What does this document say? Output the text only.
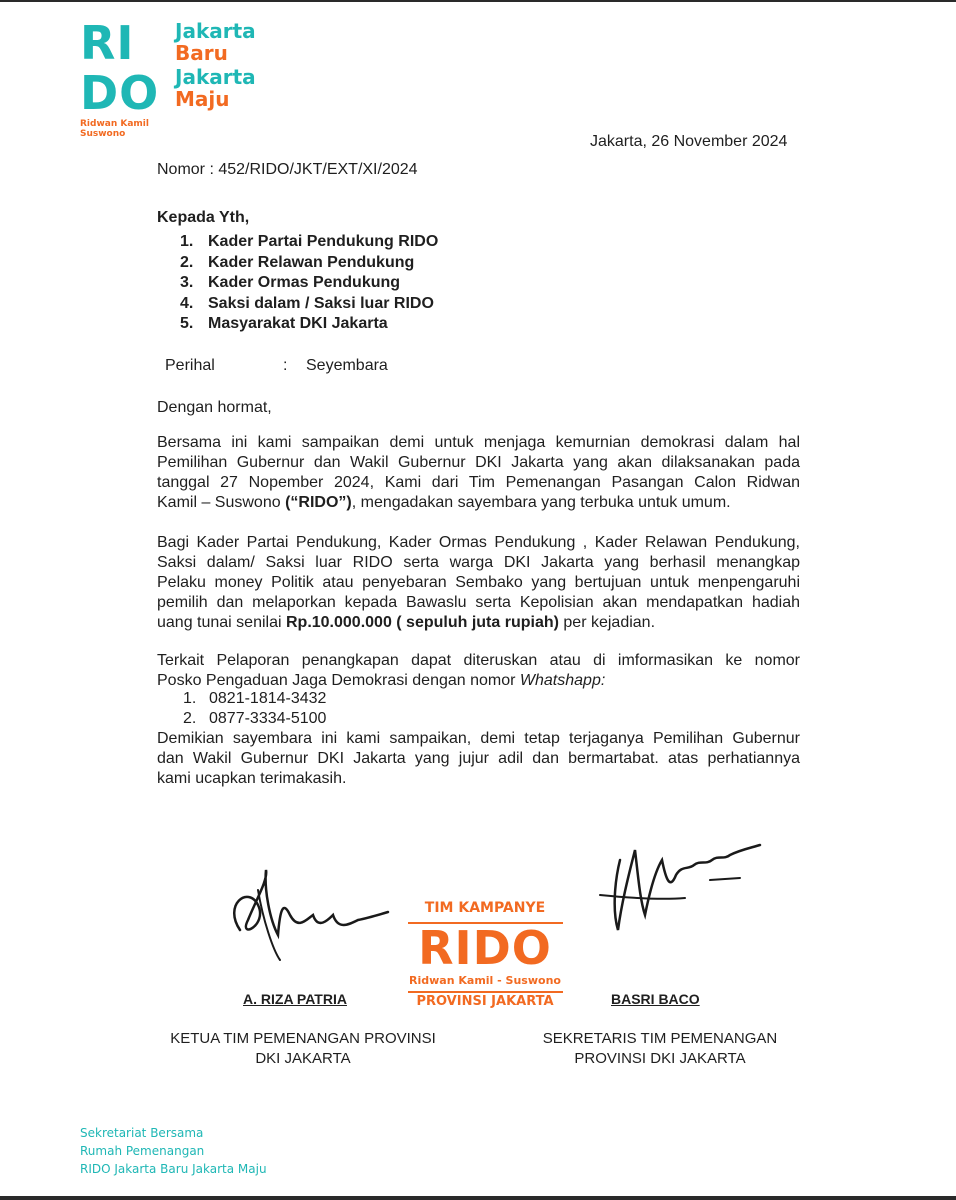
RI
DO
Jakarta
Baru
Jakarta
Maju
Ridwan Kamil
Suswono	Jakarta, 26 November 2024
Nomor : 452/RIDO/JKT/EXT/XI/2024
Kepada Yth,
1. Kader Partai Pendukung RIDO
2. Kader Relawan Pendukung
3. Kader Ormas Pendukung
4. Saksi dalam / Saksi luar RIDO
5. Masyarakat DKI Jakarta
Perihal	: Seyembara
Dengan hormat,
Bersama ini kami sampaikan demi untuk menjaga kemurnian demokrasi dalam hal
Pemilihan Gubernur dan Wakil Gubernur DKI Jakarta yang akan dilaksanakan pada
tanggal 27 Nopember 2024, Kami dari Tim Pemenangan Pasangan Calon Ridwan
Kamil – Suswono (“RIDO”), mengadakan sayembara yang terbuka untuk umum.
Bagi Kader Partai Pendukung, Kader Ormas Pendukung , Kader Relawan Pendukung,
Saksi dalam/ Saksi luar RIDO serta warga DKI Jakarta yang berhasil menangkap
Pelaku money Politik atau penyebaran Sembako yang bertujuan untuk menpengaruhi
pemilih dan melaporkan kepada Bawaslu serta Kepolisian akan mendapatkan hadiah
uang tunai senilai Rp.10.000.000 ( sepuluh juta rupiah) per kejadian.
Terkait Pelaporan penangkapan dapat diteruskan atau di imformasikan ke nomor
Posko Pengaduan Jaga Demokrasi dengan nomor Whatshapp:
1. 0821-1814-3432
2. 0877-3334-5100
Demikian sayembara ini kami sampaikan, demi tetap terjaganya Pemilihan Gubernur
dan Wakil Gubernur DKI Jakarta yang jujur adil dan bermartabat. atas perhatiannya
kami ucapkan terimakasih.
TIM KAMPANYE
RIDO
Ridwan Kamil - Suswono
PROVINSI JAKARTA
A. RIZA PATRIA	BASRI BACO
KETUA TIM PEMENANGAN PROVINSI
DKI JAKARTA
SEKRETARIS TIM PEMENANGAN
PROVINSI DKI JAKARTA
Sekretariat Bersama
Rumah Pemenangan
RIDO Jakarta Baru Jakarta Maju
